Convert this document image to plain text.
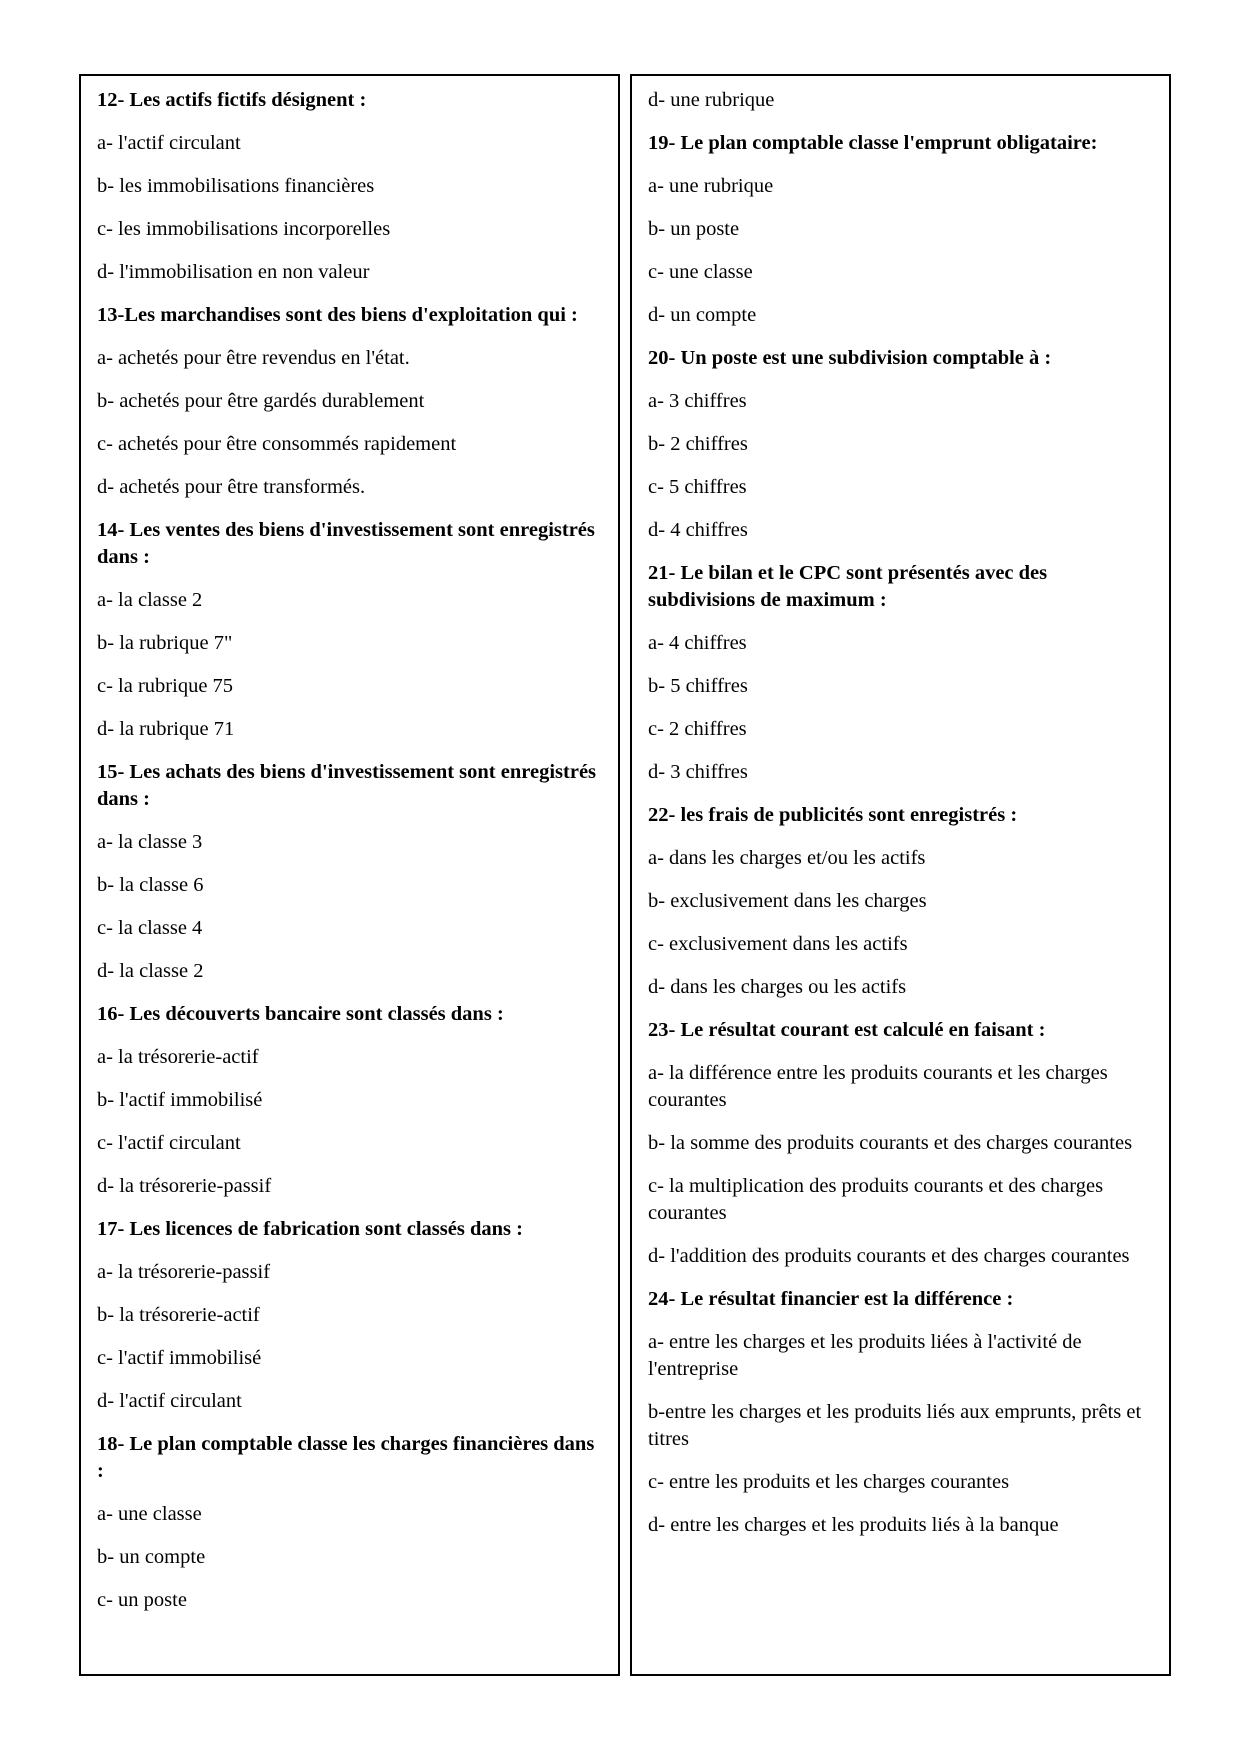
12- Les actifs fictifs désignent :
a- l'actif circulant
b- les immobilisations financières
c- les immobilisations incorporelles
d- l'immobilisation en non valeur
13-Les marchandises sont des biens d'exploitation qui :
a- achetés pour être revendus en l'état.
b- achetés pour être gardés durablement
c- achetés pour être consommés rapidement
d- achetés pour être transformés.
14- Les ventes des biens d'investissement sont enregistrés dans :
a- la classe 2
b- la rubrique 7"
c- la rubrique 75
d- la rubrique 71
15- Les achats des biens d'investissement sont enregistrés dans :
a- la classe 3
b- la classe 6
c- la classe 4
d- la classe 2
16- Les découverts bancaire sont classés dans :
a- la trésorerie-actif
b- l'actif immobilisé
c- l'actif circulant
d- la trésorerie-passif
17- Les licences de fabrication sont classés dans :
a- la trésorerie-passif
b- la trésorerie-actif
c- l'actif immobilisé
d- l'actif circulant
18- Le plan comptable classe les charges financières dans :
a- une classe
b- un compte
c- un poste
d- une rubrique
19- Le plan comptable classe l'emprunt obligataire:
a- une rubrique
b- un poste
c- une classe
d- un compte
20- Un poste est une subdivision comptable à :
a- 3 chiffres
b- 2 chiffres
c- 5 chiffres
d- 4 chiffres
21- Le bilan et le CPC sont présentés avec des subdivisions de maximum :
a- 4 chiffres
b- 5 chiffres
c- 2 chiffres
d- 3 chiffres
22- les frais de publicités sont enregistrés :
a- dans les charges et/ou les actifs
b- exclusivement dans les charges
c- exclusivement dans les actifs
d- dans les charges ou les actifs
23- Le résultat courant est calculé en faisant :
a- la différence entre les produits courants et les charges courantes
b- la somme des produits courants et des charges courantes
c- la multiplication des produits courants et des charges courantes
d- l'addition des produits courants et des charges courantes
24- Le résultat financier est la différence :
a- entre les charges et les produits liées à l'activité de l'entreprise
b-entre les charges et les produits liés aux emprunts, prêts et titres
c- entre les produits et les charges courantes
d- entre les charges et les produits liés à la banque
